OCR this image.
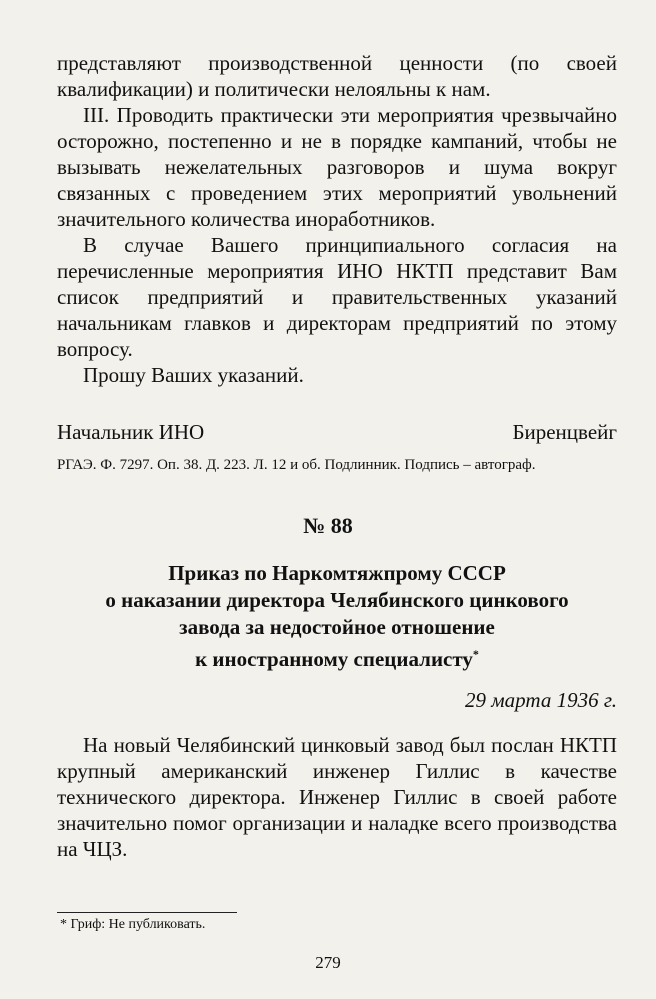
представляют производственной ценности (по своей квалификации) и политически нелояльны к нам.

III. Проводить практически эти мероприятия чрезвычайно осторожно, постепенно и не в порядке кампаний, чтобы не вызывать нежелательных разговоров и шума вокруг связанных с проведением этих мероприятий увольнений значительного количества иноработников.

В случае Вашего принципиального согласия на перечисленные мероприятия ИНО НКТП представит Вам список предприятий и правительственных указаний начальникам главков и директорам предприятий по этому вопросу.

Прошу Ваших указаний.

Начальник ИНО	Биренцвейг
РГАЭ. Ф. 7297. Оп. 38. Д. 223. Л. 12 и об. Подлинник. Подпись – автограф.
№ 88
Приказ по Наркомтяжпрому СССР
о наказании директора Челябинского цинкового
завода за недостойное отношение
к иностранному специалисту*
29 марта 1936 г.
На новый Челябинский цинковый завод был послан НКТП крупный американский инженер Гиллис в качестве технического директора. Инженер Гиллис в своей работе значительно помог организации и наладке всего производства на ЧЦЗ.
* Гриф: Не публиковать.
279
